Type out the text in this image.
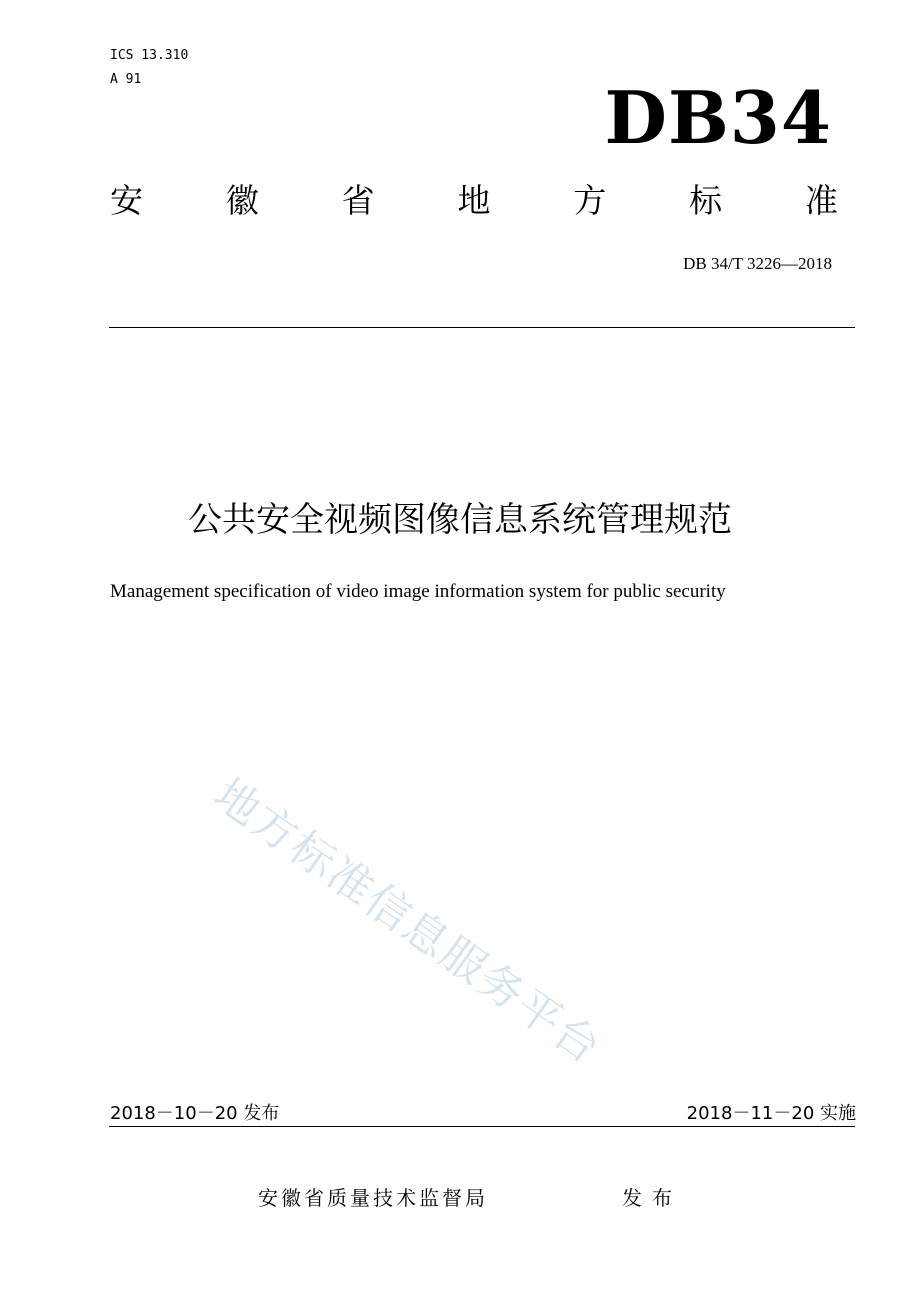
ICS 13.310
A 91	DB34
安	徽	省	地	方	标	准
DB 34/T 3226—2018
公共安全视频图像信息系统管理规范
Management specification of video image information system for public security
地方标准信息服务平台
2018－10－20 发布	2018－11－20 实施
安徽省质量技术监督局	发布
